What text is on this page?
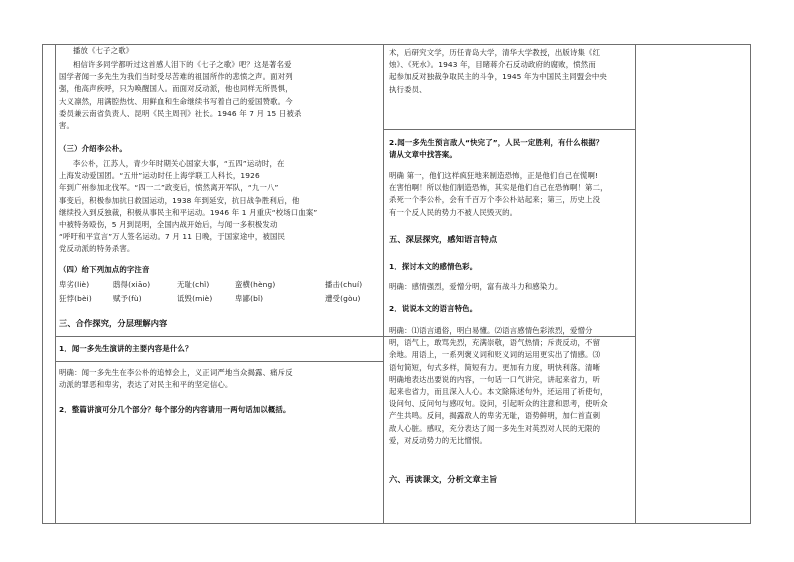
播放《七子之歌》
相信许多同学都听过这首感人泪下的《七子之歌》吧？这是著名爱
国学者闻一多先生为我们当时受尽苦难的祖国所作的悲愤之声。面对列
强，他高声疾呼，只为唤醒国人。而面对反动派，他也同样无所畏惧，
大义凛然，用满腔热忱、用鲜血和生命继续书写着自己的爱国赞歌。今
委员兼云南省负责人、昆明《民主周刊》社长。1946 年 7 月 15 日被杀
害。
（三）介绍李公朴。
李公朴，江苏人，青少年时期关心国家大事，“五四”运动时，在
上海发动爱国团。“五卅”运动时任上海学联工人科长，1926
年到广州参加北伐军。“四一二”政变后，愤然离开军队，“九一八”
事变后，积极参加抗日救国运动，1938 年到延安，抗日战争胜利后，他
继续投入到反独裁，积极从事民主和平运动。1946 年 1 月重庆“校场口血案”
中被特务殴伤，5 月到昆明，全国内战开始后，与闻一多积极发动
“呼吁和平宣言”万人签名运动。7 月 11 日晚，于国家途中，被国民
党反动派的特务杀害。
（四）给下列加点的字注音
卑劣(liè)	鸱得(xiāo)	无耻(chǐ)	蛮横(hèng)	播击(chuí)
狂悖(bèi)	赋予(fù)	诋毁(miè)	卑鄙(bǐ)	遭受(gòu)
三、合作探究，分层理解内容
1．闻一多先生演讲的主要内容是什么？
明确：闻一多先生在李公朴的追悼会上，义正词严地当众揭露、痛斥反
动派的罪恶和卑劣，表达了对民主和平的坚定信心。
2．整篇讲演可分几个部分？每个部分的内容请用一两句话加以概括。
术，后研究文学，历任青岛大学，清华大学教授，出版诗集《红
烛》、《死水》。1943 年，目睹蒋介石反动政府的腐败，愤然而
起参加反对独裁争取民主的斗争，1945 年为中国民主同盟会中央
执行委员、
2.闻一多先生预言敌人“快完了”，人民一定胜利，有什么根据？
请从文章中找答案。
明确 第一，他们这样疯狂地来制造恐怖，正是他们自己在慌啊!
在害怕啊！所以他们制造恐怖，其实是他们自己在恐怖啊！第二，
杀死一个李公朴，会有千百万个李公朴站起来；第三，历史上没
有一个反人民的势力不被人民毁灭的。
五、深层探究，感知语言特点
1．探讨本文的感情色彩。
明确：感情强烈，爱憎分明，富有战斗力和感染力。
2．说说本文的语言特色。
明确：⑴语言通俗，明白易懂。⑵语言感情色彩浓烈，爱憎分
明，语气上，敢骂先烈，充满崇敬，语气热情；斥责反动，不留
余地。用语上，一系列褒义词和贬义词的运用更实出了情感。⑶
语句简短，句式多样，简短有力。更加有力度，明快利落。清晰
明确地表达出要说的内容，一句话一口气讲完，讲起来省力，听
起来也省力，而且深入人心。本文除陈述句外，还运用了祈使句，
设问句、反问句与感叹句。设问，引起听众的注意和思考，使听众
产生共鸣。反问，揭露敌人的卑劣无耻，语势鲜明，加仁首直刺
敌人心脏。感叹，充分表达了闻一多先生对英烈对人民的无限的
爱，对反动势力的无比憎恨。
六、再读课文，分析文章主旨
